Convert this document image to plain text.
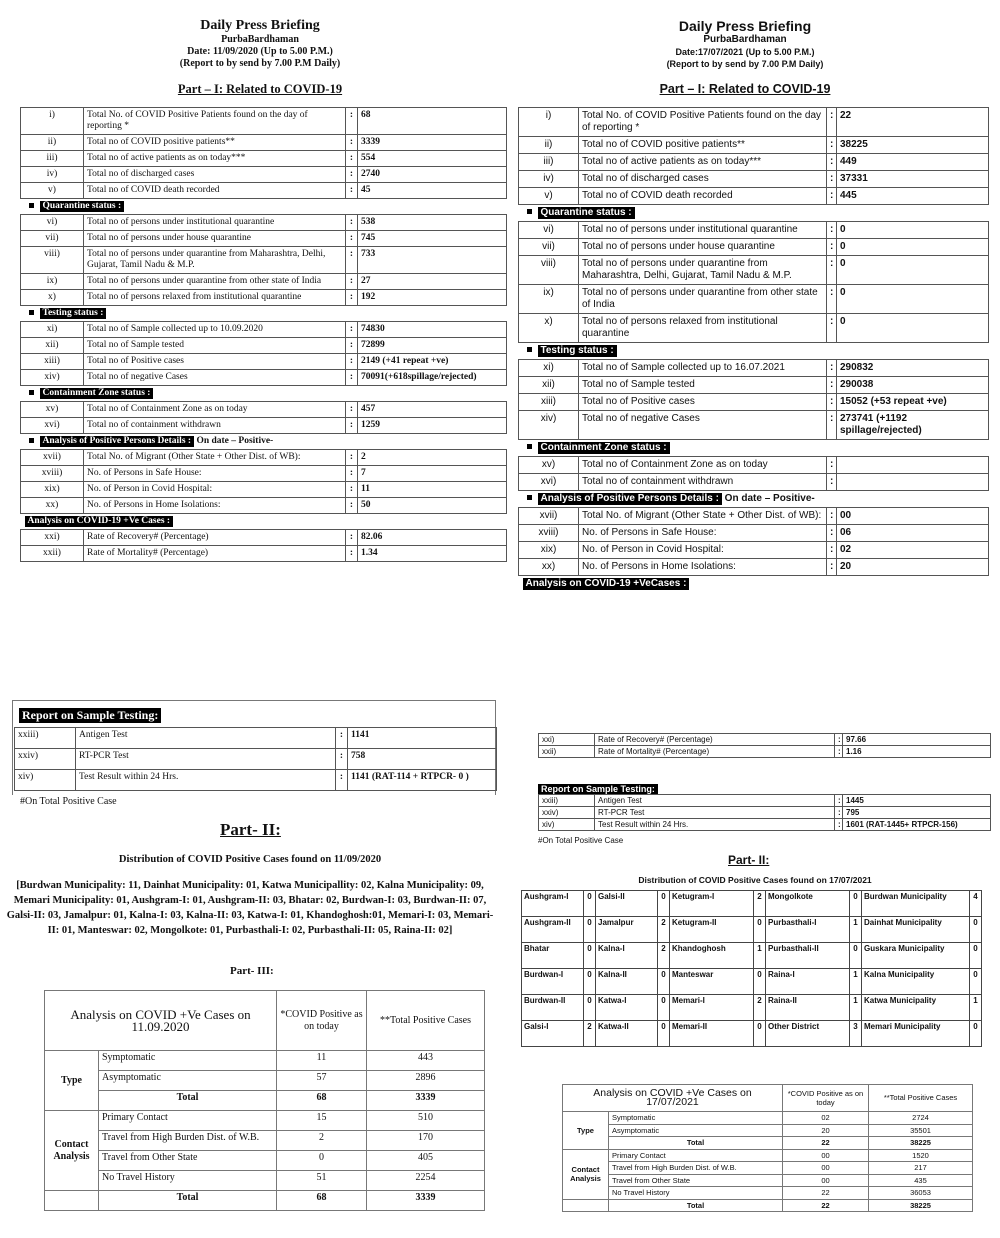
Daily Press Briefing
PurbaBardhaman
Date: 11/09/2020 (Up to 5.00 P.M.)
(Report to by send by 7.00 P.M Daily)
Part – I: Related to COVID-19
Daily Press Briefing
PurbaBardhaman
Date:17/07/2021 (Up to 5.00 P.M.)
(Report to by send by 7.00 P.M Daily)
Part – I: Related to COVID-19
i)	Total No. of COVID Positive Patients found on the day of reporting *	:	68
ii)	Total no of COVID positive patients**	:	3339
iii)	Total no of active patients as on today***	:	554
iv)	Total no of discharged cases	:	2740
v)	Total no of COVID death recorded	:	45
Quarantine status :			
vi)	Total no of persons under institutional quarantine	:	538
vii)	Total no of persons under house quarantine	:	745
viii)	Total no of persons under quarantine from Maharashtra, Delhi, Gujarat, Tamil Nadu & M.P.	:	733
ix)	Total no of persons under quarantine from other state of India	:	27
x)	Total no of persons relaxed from institutional quarantine	:	192
Testing status :			
xi)	Total no of Sample collected up to 10.09.2020	:	74830
xii)	Total no of Sample tested	:	72899
xiii)	Total no of Positive cases	:	2149 (+41 repeat +ve)
xiv)	Total no of negative Cases	:	70091(+618spillage/rejected)
Containment Zone status :			
xv)	Total no of Containment Zone as on today	:	457
xvi)	Total no of containment withdrawn	:	1259
Analysis of Positive Persons Details : On date – Positive-			
xvii)	Total No. of Migrant (Other State + Other Dist. of WB):	:	2
xviii)	No. of Persons in Safe House:	:	7
xix)	No. of Person in Covid Hospital:	:	11
xx)	No. of Persons in Home Isolations:	:	50
Analysis on COVID-19 +Ve Cases :			
xxi)	Rate of Recovery# (Percentage)	:	82.06
xxii)	Rate of Mortality# (Percentage)	:	1.34
i)	Total No. of COVID Positive Patients found on the day of reporting *	:	22
ii)	Total no of COVID positive patients**	:	38225
iii)	Total no of active patients as on today***	:	449
iv)	Total no of discharged cases	:	37331
v)	Total no of COVID death recorded	:	445
Quarantine status :			
vi)	Total no of persons under institutional quarantine	:	0
vii)	Total no of persons under house quarantine	:	0
viii)	Total no of persons under quarantine from Maharashtra, Delhi, Gujarat, Tamil Nadu & M.P.	:	0
ix)	Total no of persons under quarantine from other state of India	:	0
x)	Total no of persons relaxed from institutional quarantine	:	0
Testing status :			
xi)	Total no of Sample collected up to 16.07.2021	:	290832
xii)	Total no of Sample tested	:	290038
xiii)	Total no of Positive cases	:	15052 (+53 repeat +ve)
xiv)	Total no of negative Cases	:	273741 (+1192 spillage/rejected)
Containment Zone status :			
xv)	Total no of Containment Zone as on today	:	
xvi)	Total no of containment withdrawn	:	
Analysis of Positive Persons Details : On date – Positive-			
xvii)	Total No. of Migrant (Other State + Other Dist. of WB):	:	00
xviii)	No. of Persons in Safe House:	:	06
xix)	No. of Person in Covid Hospital:	:	02
xx)	No. of Persons in Home Isolations:	:	20
Analysis on COVID-19 +VeCases :			
Report on Sample Testing:
xxiii)	Antigen Test	:	1141
xxiv)	RT-PCR Test	:	758
xiv)	Test Result within 24 Hrs.	:	1141 (RAT-114 + RTPCR- 0 )
#On Total Positive Case
Part- II:
Distribution of COVID Positive Cases found on 11/09/2020
[Burdwan Municipality: 11, Dainhat Municipality: 01, Katwa Municipallity: 02, Kalna Municipality: 09, Memari Municipality: 01, Aushgram-I: 01, Aushgram-II: 03, Bhatar: 02, Burdwan-I: 03, Burdwan-II: 07, Galsi-II: 03, Jamalpur: 01, Kalna-I: 03, Kalna-II: 03, Katwa-I: 01, Khandoghosh:01, Memari-I: 03, Memari-II: 01, Manteswar: 02, Mongolkote: 01, Purbasthali-I: 02, Purbasthali-II: 05, Raina-II: 02]
Part- III:
Analysis on COVID +Ve Cases on 11.09.2020		*COVID Positive as on today	**Total Positive Cases
Type	Symptomatic	11	443
	Asymptomatic	57	2896
	Total	68	3339
Contact Analysis	Primary Contact	15	510
	Travel from High Burden Dist. of W.B.	2	170
	Travel from Other State	0	405
	No Travel History	51	2254
	Total	68	3339
xxi)	Rate of Recovery# (Percentage)	:	97.66
xxii)	Rate of Mortality# (Percentage)	:	1.16
Report on Sample Testing:
xxiii)	Antigen Test	:	1445
xxiv)	RT-PCR Test	:	795
xiv)	Test Result within 24 Hrs.	:	1601 (RAT-1445+ RTPCR-156)
#On Total Positive Case
Part- II:
Distribution of COVID Positive Cases found on 17/07/2021
Aushgram-I	0	Galsi-II	0	Ketugram-I	2	Mongolkote	0	Burdwan Municipality	4
Aushgram-II	0	Jamalpur	2	Ketugram-II	0	Purbasthali-I	1	Dainhat Municipality	0
Bhatar	0	Kalna-I	2	Khandoghosh	1	Purbasthali-II	0	Guskara Municipality	0
Burdwan-I	0	Kalna-II	0	Manteswar	0	Raina-I	1	Kalna Municipality	0
Burdwan-II	0	Katwa-I	0	Memari-I	2	Raina-II	1	Katwa Municipality	1
Galsi-I	2	Katwa-II	0	Memari-II	0	Other District	3	Memari Municipality	0
Analysis on COVID +Ve Cases on 17/07/2021		*COVID Positive as on today	**Total Positive Cases
Type	Symptomatic	02	2724
	Asymptomatic	20	35501
	Total	22	38225
Contact Analysis	Primary Contact	00	1520
	Travel from High Burden Dist. of W.B.	00	217
	Travel from Other State	00	435
	No Travel History	22	36053
	Total	22	38225
